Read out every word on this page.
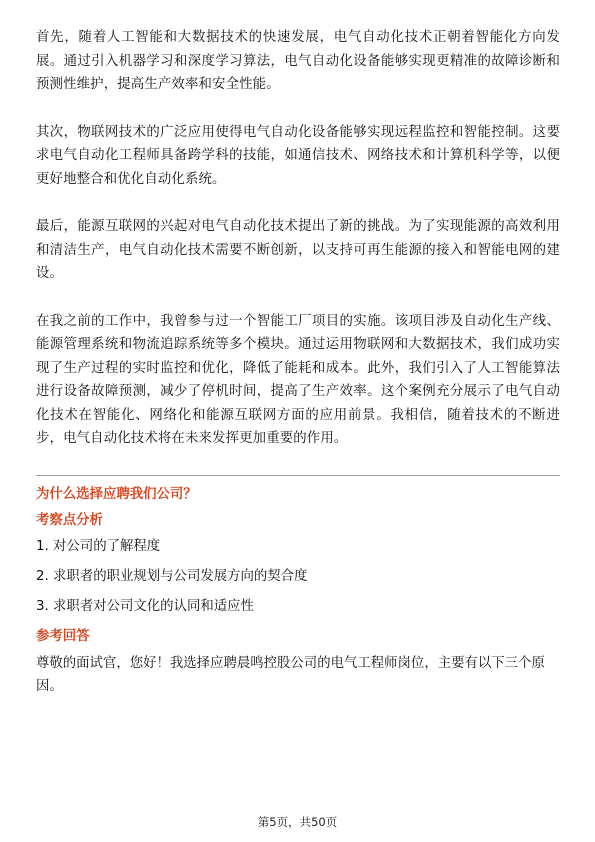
首先，随着人工智能和大数据技术的快速发展，电气自动化技术正朝着智能化方向发展。通过引入机器学习和深度学习算法，电气自动化设备能够实现更精准的故障诊断和预测性维护，提高生产效率和安全性能。

其次，物联网技术的广泛应用使得电气自动化设备能够实现远程监控和智能控制。这要求电气自动化工程师具备跨学科的技能，如通信技术、网络技术和计算机科学等，以便更好地整合和优化自动化系统。

最后，能源互联网的兴起对电气自动化技术提出了新的挑战。为了实现能源的高效利用和清洁生产，电气自动化技术需要不断创新，以支持可再生能源的接入和智能电网的建设。

在我之前的工作中，我曾参与过一个智能工厂项目的实施。该项目涉及自动化生产线、能源管理系统和物流追踪系统等多个模块。通过运用物联网和大数据技术，我们成功实现了生产过程的实时监控和优化，降低了能耗和成本。此外，我们引入了人工智能算法进行设备故障预测，减少了停机时间，提高了生产效率。这个案例充分展示了电气自动化技术在智能化、网络化和能源互联网方面的应用前景。我相信，随着技术的不断进步，电气自动化技术将在未来发挥更加重要的作用。

为什么选择应聘我们公司？
考察点分析
1. 对公司的了解程度
2. 求职者的职业规划与公司发展方向的契合度
3. 求职者对公司文化的认同和适应性
参考回答

尊敬的面试官，您好！我选择应聘晨鸣控股公司的电气工程师岗位，主要有以下三个原因。

第5页，共50页
